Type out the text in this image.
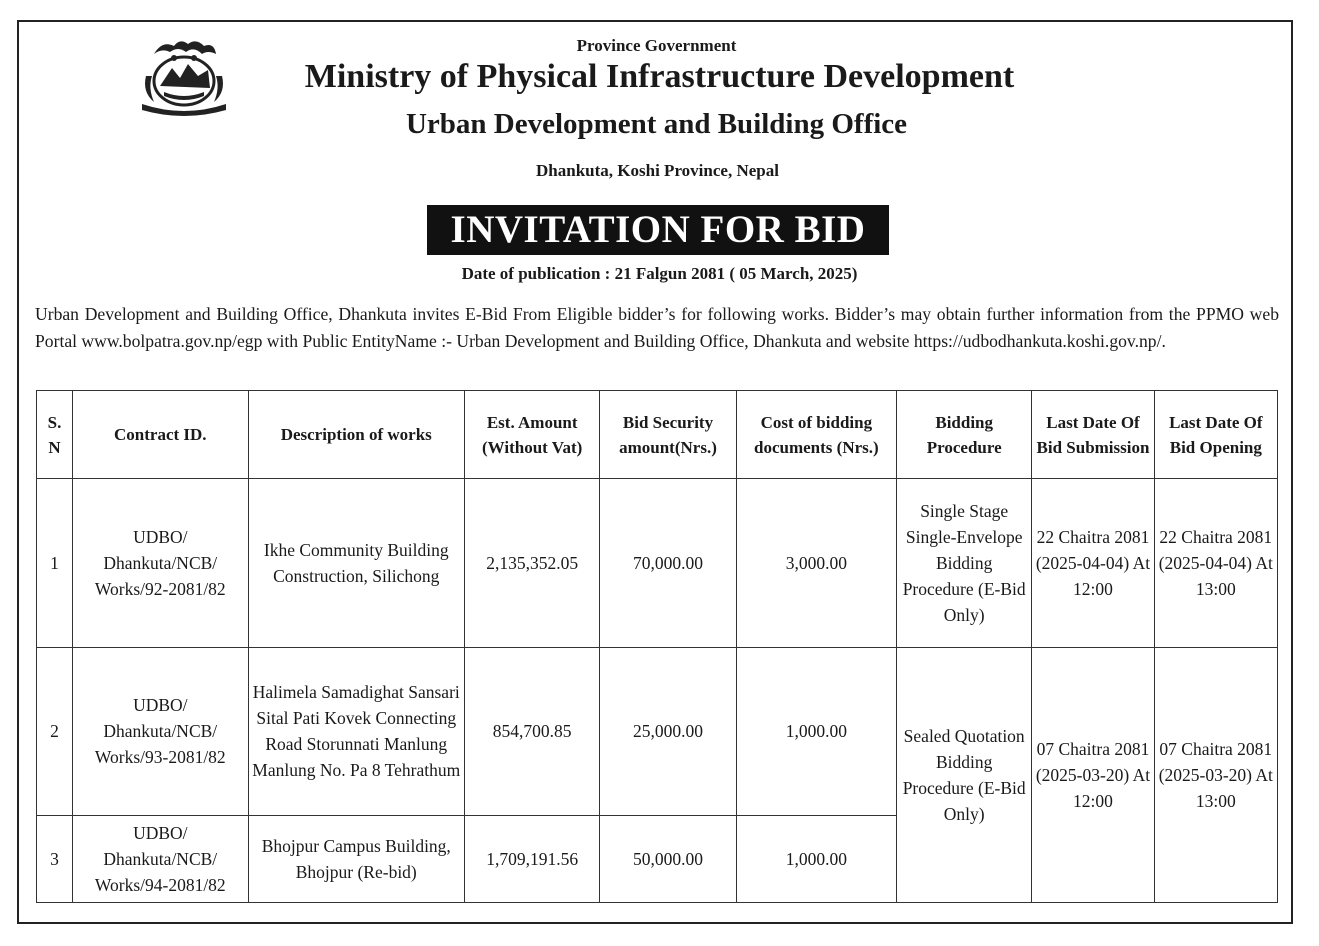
Province Government
Ministry of Physical Infrastructure Development
Urban Development and Building Office
Dhankuta, Koshi Province, Nepal
INVITATION FOR BID
Date of publication : 21 Falgun 2081 ( 05 March, 2025)
Urban Development and Building Office, Dhankuta invites E-Bid From Eligible bidder’s for following works. Bidder’s may obtain further information from the PPMO web Portal www.bolpatra.gov.np/egp with Public EntityName :- Urban Development and Building Office, Dhankuta and website https://udbodhankuta.koshi.gov.np/.
S. N	Contract ID.	Description of works	Est. Amount (Without Vat)	Bid Security amount(Nrs.)	Cost of bidding documents (Nrs.)	Bidding Procedure	Last Date Of Bid Submission	Last Date Of Bid Opening
1	UDBO/ Dhankuta/NCB/ Works/92-2081/82	Ikhe Community Building Construction, Silichong	2,135,352.05	70,000.00	3,000.00	Single Stage Single-Envelope Bidding Procedure (E-Bid Only)	22 Chaitra 2081 (2025-04-04) At 12:00	22 Chaitra 2081 (2025-04-04) At 13:00
2	UDBO/ Dhankuta/NCB/ Works/93-2081/82	Halimela Samadighat Sansari Sital Pati Kovek Connecting Road Storunnati Manlung Manlung No. Pa 8 Tehrathum	854,700.85	25,000.00	1,000.00	Sealed Quotation Bidding Procedure (E-Bid Only)	07 Chaitra 2081 (2025-03-20) At 12:00	07 Chaitra 2081 (2025-03-20) At 13:00
3	UDBO/ Dhankuta/NCB/ Works/94-2081/82	Bhojpur Campus Building, Bhojpur (Re-bid)	1,709,191.56	50,000.00	1,000.00			
